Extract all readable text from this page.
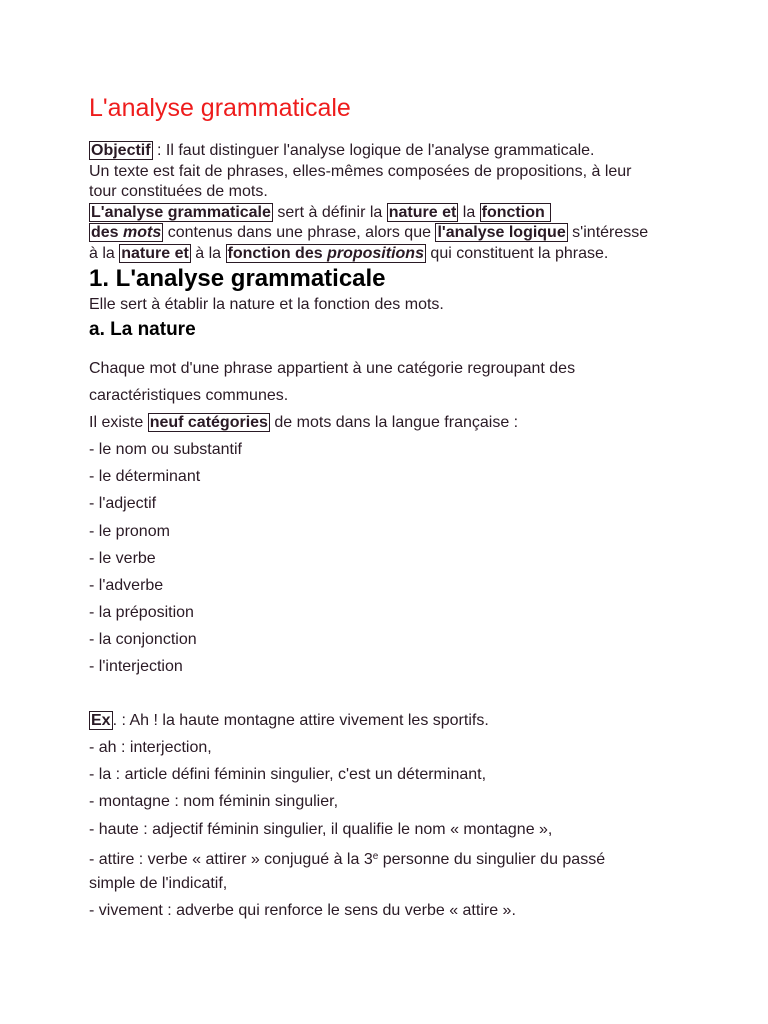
L'analyse grammaticale
Objectif : Il faut distinguer l'analyse logique de l'analyse grammaticale.
Un texte est fait de phrases, elles-mêmes composées de propositions, à leur
tour constituées de mots.
L'analyse grammaticale sert à définir la nature et la fonction
des mots contenus dans une phrase, alors que l'analyse logique s'intéresse
à la nature et à la fonction des propositions qui constituent la phrase.
1. L'analyse grammaticale
Elle sert à établir la nature et la fonction des mots.
a. La nature
Chaque mot d'une phrase appartient à une catégorie regroupant des
caractéristiques communes.
Il existe neuf catégories de mots dans la langue française :
- le nom ou substantif
- le déterminant
- l'adjectif
- le pronom
- le verbe
- l'adverbe
- la préposition
- la conjonction
- l'interjection
Ex . : Ah ! la haute montagne attire vivement les sportifs.
- ah : interjection,
- la : article défini féminin singulier, c'est un déterminant,
- montagne : nom féminin singulier,
- haute : adjectif féminin singulier, il qualifie le nom « montagne »,
- attire : verbe « attirer » conjugué à la 3e personne du singulier du passé
simple de l'indicatif,
- vivement : adverbe qui renforce le sens du verbe « attire ».
